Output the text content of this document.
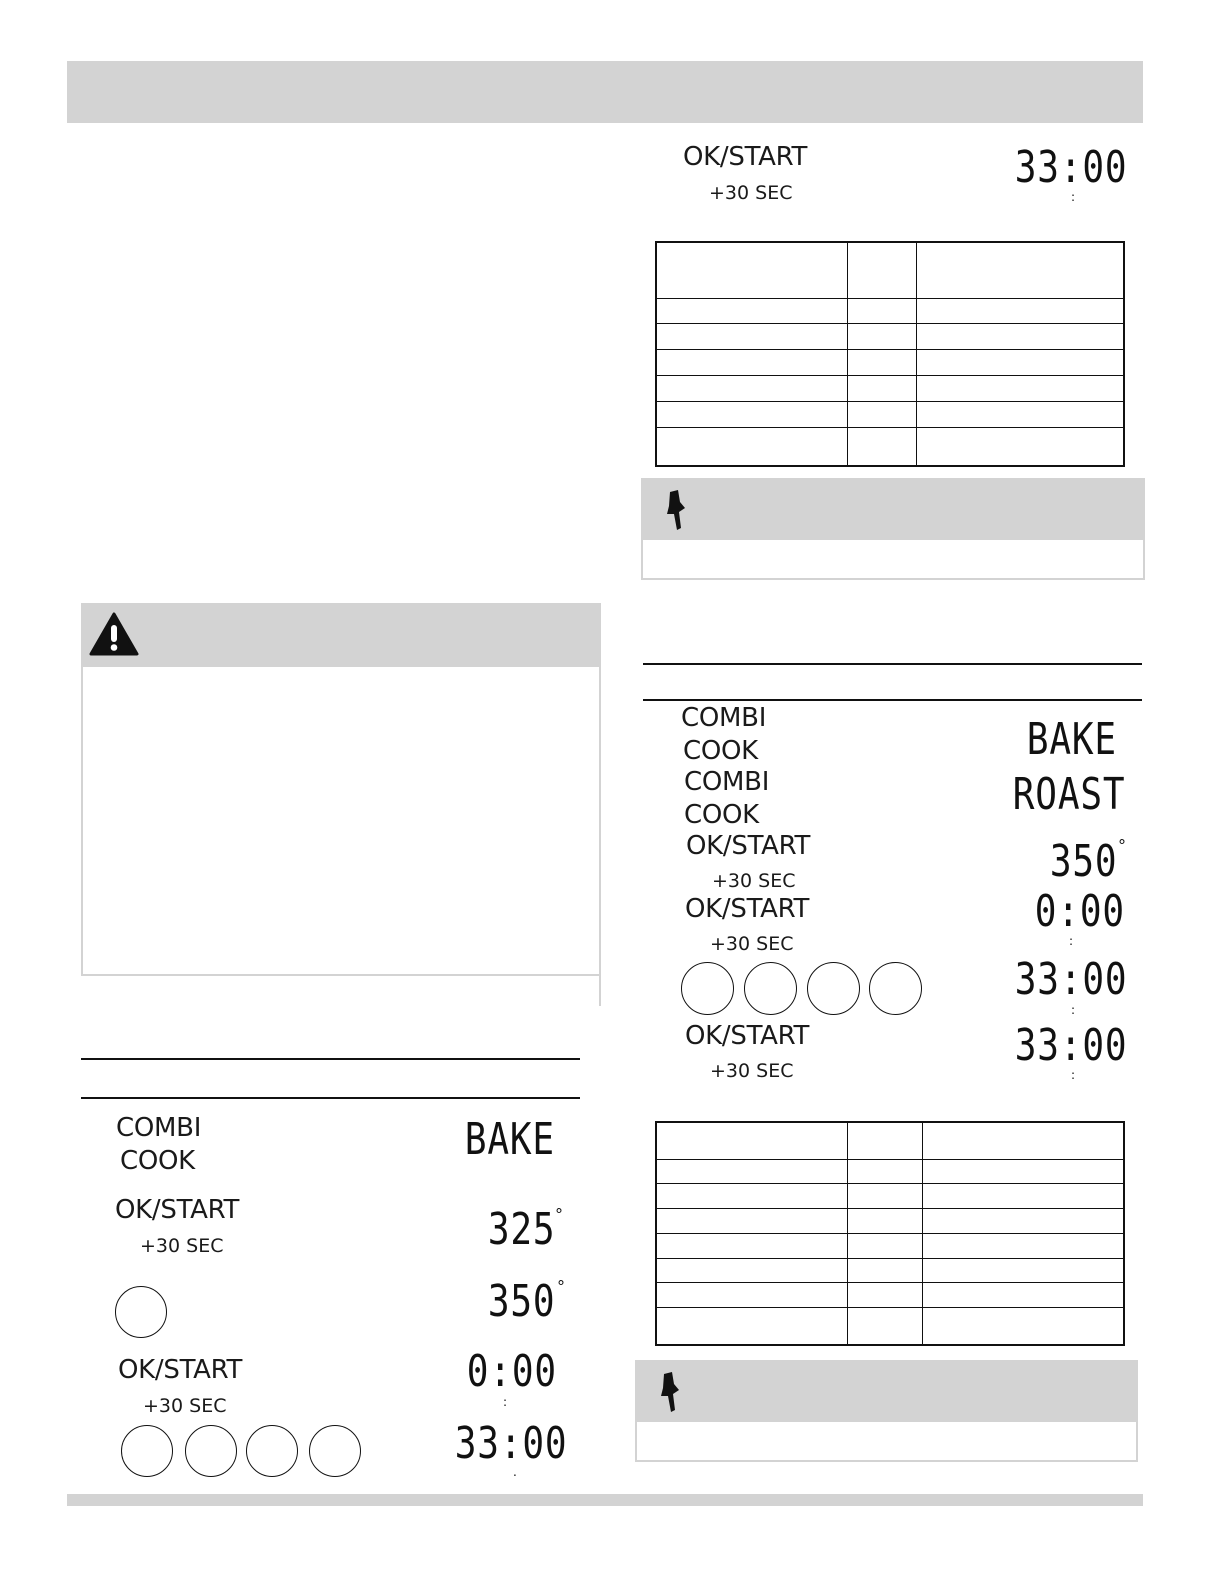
OK/START
+30 SEC	33:00
:

COMBI
COOK	BAKE
OK/START
+30 SEC	325 °
350 °
OK/START
+30 SEC
0:00
:
33:00
.
COMBI
COOK	BAKE
COMBI
COOK	ROAST
OK/START
+30 SEC	350 °
OK/START
+30 SEC
0:00
:
33:00
:
OK/START
+30 SEC	33:00
:
